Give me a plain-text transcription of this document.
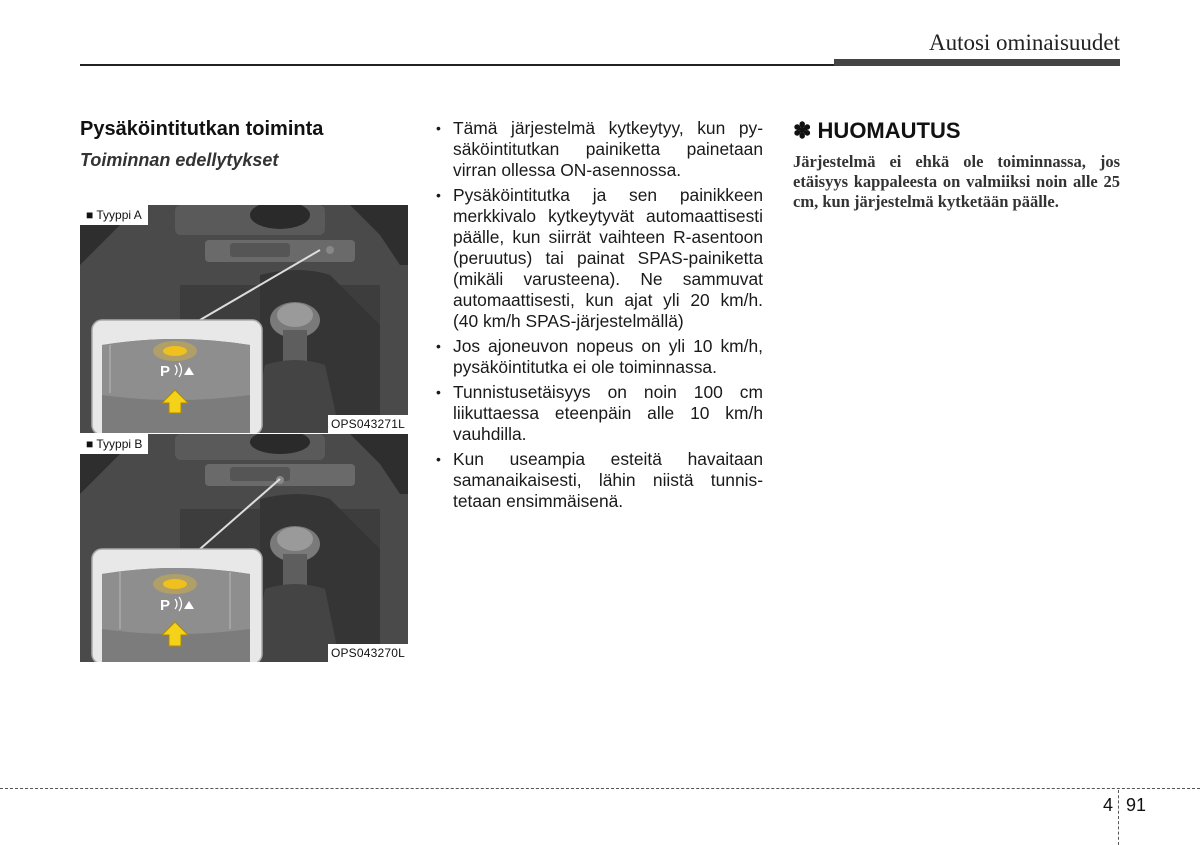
Autosi ominaisuudet
Pysäköintitutkan toiminta
Toiminnan edellytykset
P
■ Tyyppi A
OPS043271L
P
■ Tyyppi B
OPS043270L
• Tämä järjestelmä kytkeytyy, kun pysäköintitutkan painiketta painetaan virran ollessa ON-asennossa.
• Pysäköintitutka ja sen painikkeen merkkivalo kytkeytyvät automaattisesti päälle, kun siirrät vaihteen R-asentoon (peruutus) tai painat SPAS-painiketta (mikäli varusteena). Ne sammuvat automaattisesti, kun ajat yli 20 km/h. (40 km/h SPAS-järjestelmällä)
• Jos ajoneuvon nopeus on yli 10 km/h, pysäköintitutka ei ole toiminnassa.
• Tunnistusetäisyys on noin 100 cm liikuttaessa eteenpäin alle 10 km/h vauhdilla.
• Kun useampia esteitä havaitaan samanaikaisesti, lähin niistä tunnistetaan ensimmäisenä.
✽ HUOMAUTUS
Järjestelmä ei ehkä ole toiminnassa, jos etäisyys kappaleesta on valmiiksi noin alle 25 cm, kun järjestelmä kytketään päälle.
4 91
